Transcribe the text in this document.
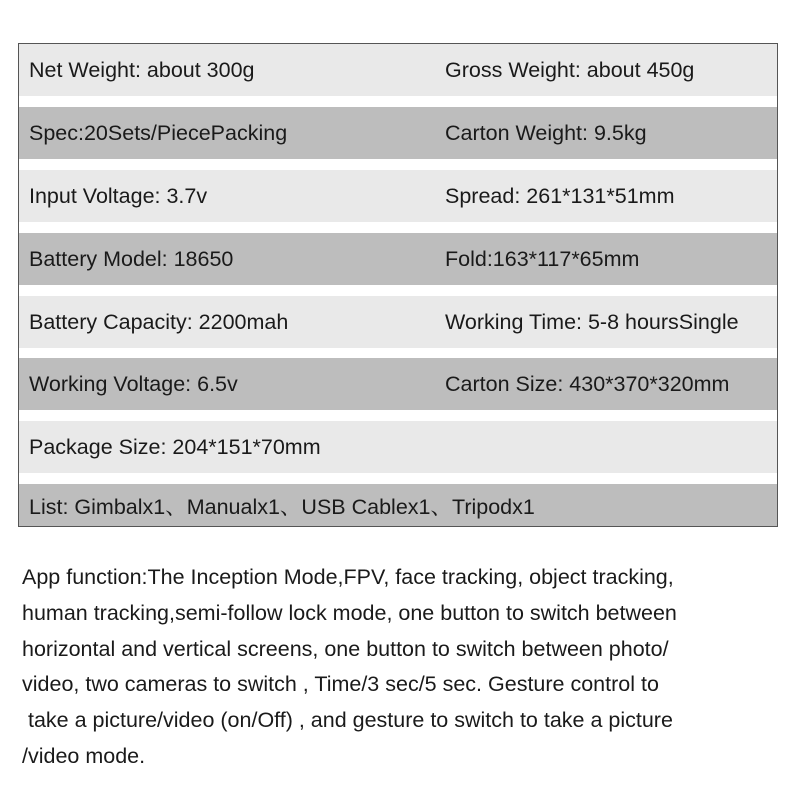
Net Weight: about 300g	Gross Weight: about 450g
Spec:20Sets/PiecePacking	Carton Weight: 9.5kg
Input Voltage: 3.7v	Spread: 261*131*51mm
Battery Model: 18650	Fold:163*117*65mm
Battery Capacity: 2200mah	Working Time: 5-8 hoursSingle
Working Voltage: 6.5v	Carton Size: 430*370*320mm
Package Size: 204*151*70mm
List: Gimbalx1、Manualx1、USB Cablex1、Tripodx1
App function:The Inception Mode,FPV, face tracking, object tracking,
human tracking,semi-follow lock mode, one button to switch between
horizontal and vertical screens, one button to switch between photo/
video, two cameras to switch , Time/3 sec/5 sec. Gesture control to
take a picture/video (on/Off) , and gesture to switch to take a picture
/video mode.
